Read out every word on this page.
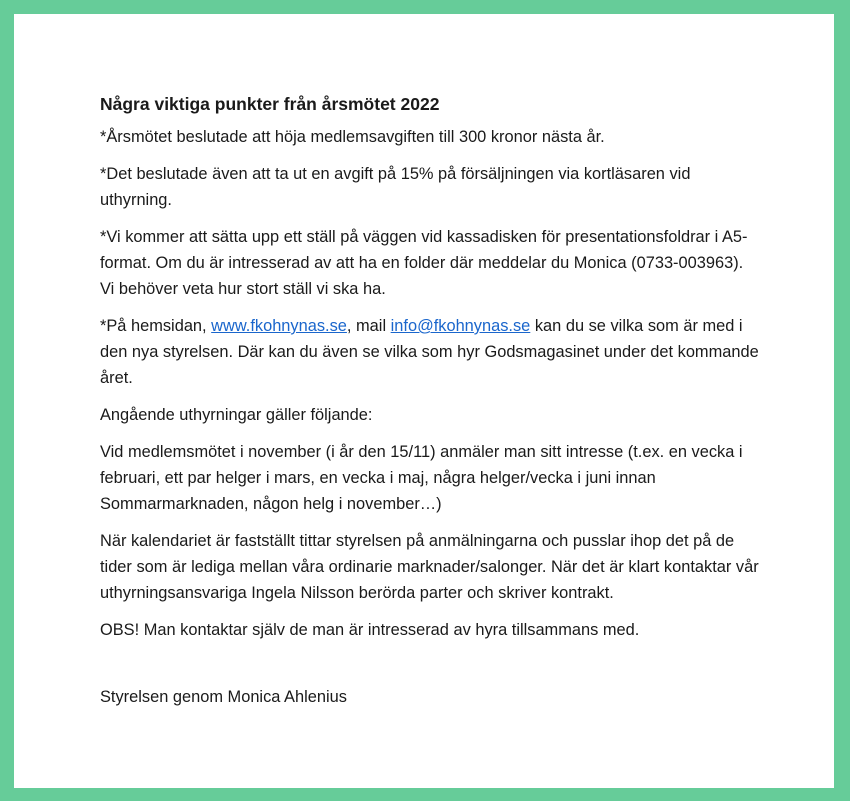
Några viktiga punkter från årsmötet 2022

*Årsmötet beslutade att höja medlemsavgiften till 300 kronor nästa år.

*Det beslutade även att ta ut en avgift på 15% på försäljningen via kortläsaren vid uthyrning.

*Vi kommer att sätta upp ett ställ på väggen vid kassadisken för presentationsfoldrar i A5-format. Om du är intresserad av att ha en folder där meddelar du Monica (0733-003963). Vi behöver veta hur stort ställ vi ska ha.

*På hemsidan, www.fkohnynas.se, mail info@fkohnynas.se kan du se vilka som är med i den nya styrelsen. Där kan du även se vilka som hyr Godsmagasinet under det kommande året.

Angående uthyrningar gäller följande:

Vid medlemsmötet i november (i år den 15/11) anmäler man sitt intresse (t.ex. en vecka i februari, ett par helger i mars, en vecka i maj, några helger/vecka i juni innan Sommarmarknaden, någon helg i november…)

När kalendariet är fastställt tittar styrelsen på anmälningarna och pusslar ihop det på de tider som är lediga mellan våra ordinarie marknader/salonger. När det är klart kontaktar vår uthyrningsansvariga Ingela Nilsson berörda parter och skriver kontrakt.

OBS! Man kontaktar själv de man är intresserad av hyra tillsammans med.

Styrelsen genom Monica Ahlenius
